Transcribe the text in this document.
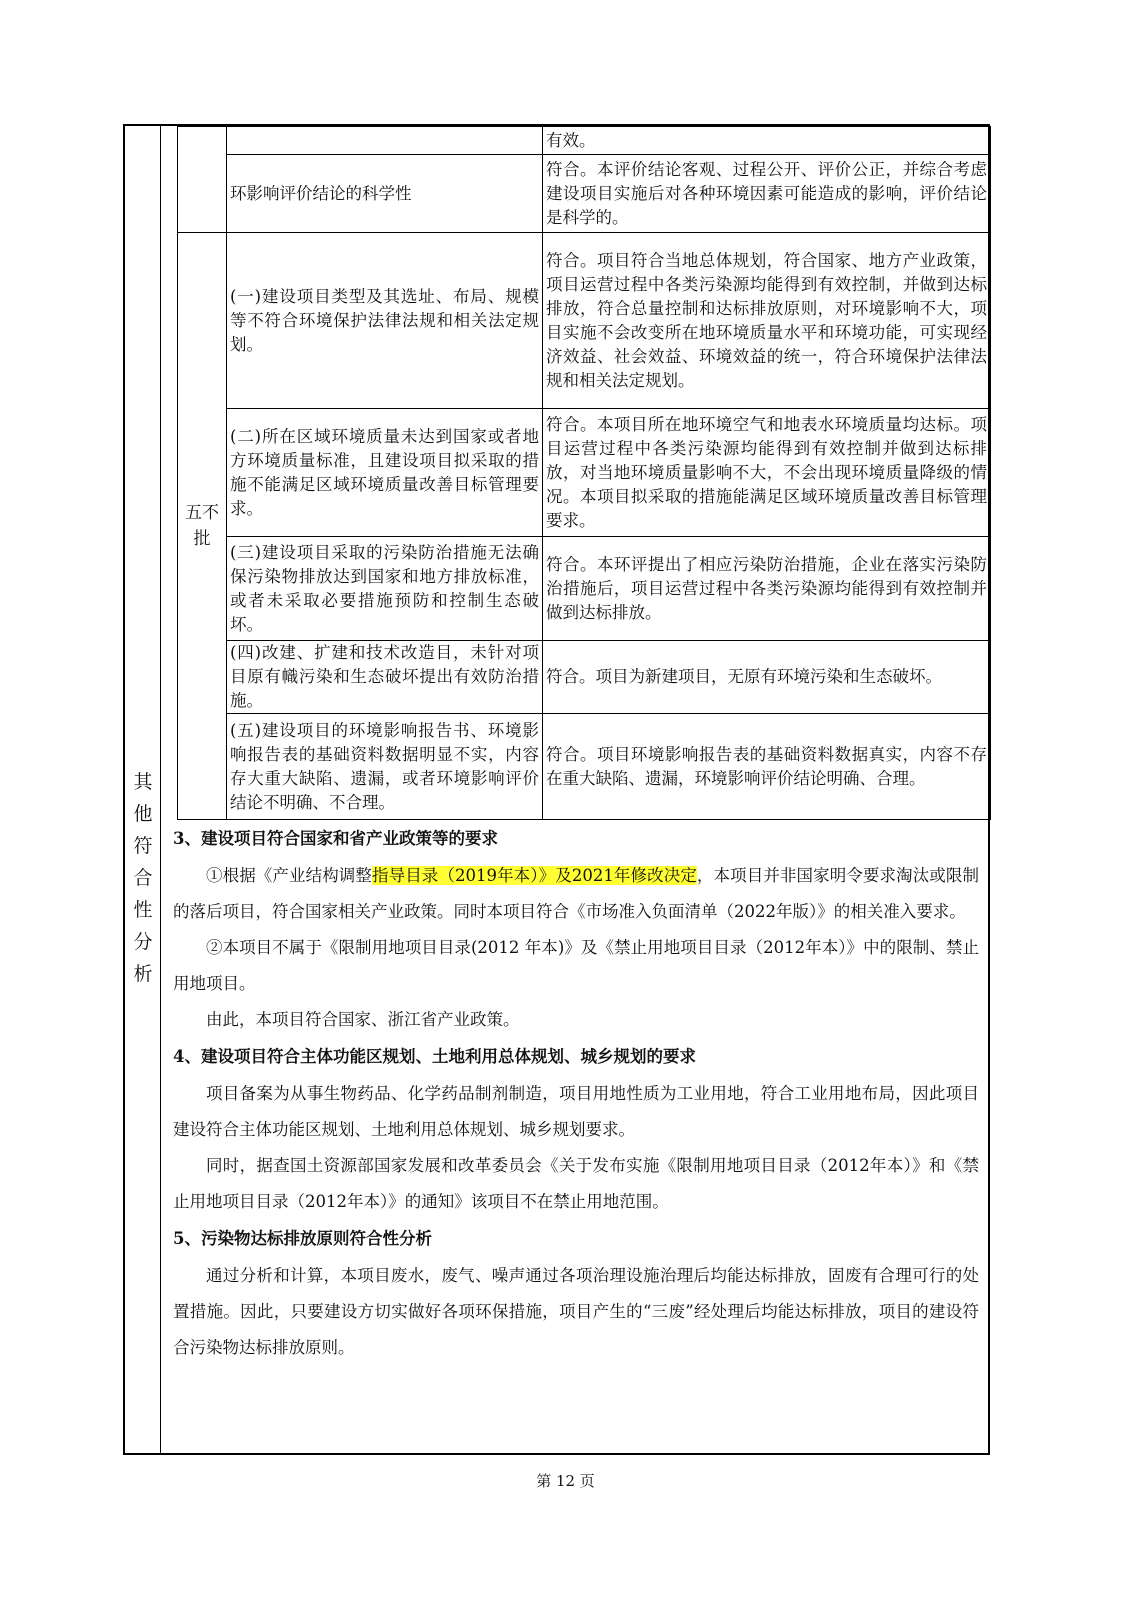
其
他
符
合
性
分
析
		有效。
	环影响评价结论的科学性	符合。本评价结论客观、过程公开、评价公正，并综合考虑建设项目实施后对各种环境因素可能造成的影响，评价结论是科学的。
五不批	(一)建设项目类型及其选址、布局、规模等不符合环境保护法律法规和相关法定规划。	符合。项目符合当地总体规划，符合国家、地方产业政策，项目运营过程中各类污染源均能得到有效控制，并做到达标排放，符合总量控制和达标排放原则，对环境影响不大，项目实施不会改变所在地环境质量水平和环境功能，可实现经济效益、社会效益、环境效益的统一，符合环境保护法律法规和相关法定规划。
	(二)所在区域环境质量未达到国家或者地方环境质量标准，且建设项目拟采取的措施不能满足区域环境质量改善目标管理要求。	符合。本项目所在地环境空气和地表水环境质量均达标。项目运营过程中各类污染源均能得到有效控制并做到达标排放，对当地环境质量影响不大，不会出现环境质量降级的情况。本项目拟采取的措施能满足区域环境质量改善目标管理要求。
	(三)建设项目采取的污染防治措施无法确保污染物排放达到国家和地方排放标准，或者未采取必要措施预防和控制生态破坏。	符合。本环评提出了相应污染防治措施，企业在落实污染防治措施后，项目运营过程中各类污染源均能得到有效控制并做到达标排放。
	(四)改建、扩建和技术改造目，未针对项目原有幟污染和生态破坏提出有效防治措施。	符合。项目为新建项目，无原有环境污染和生态破坏。
	(五)建设项目的环境影响报告书、环境影响报告表的基础资料数据明显不实，内容存大重大缺陷、遗漏，或者环境影响评价结论不明确、不合理。	符合。项目环境影响报告表的基础资料数据真实，内容不存在重大缺陷、遗漏，环境影响评价结论明确、合理。

3、建设项目符合国家和省产业政策等的要求

①根据《产业结构调整指导目录（2019年本）》及2021年修改决定，本项目并非国家明令要求淘汰或限制的落后项目，符合国家相关产业政策。同时本项目符合《市场准入负面清单（2022年版）》的相关准入要求。

②本项目不属于《限制用地项目目录(2012 年本)》及《禁止用地项目目录（2012年本）》中的限制、禁止用地项目。

由此，本项目符合国家、浙江省产业政策。

4、建设项目符合主体功能区规划、土地利用总体规划、城乡规划的要求

项目备案为从事生物药品、化学药品制剂制造，项目用地性质为工业用地，符合工业用地布局，因此项目建设符合主体功能区规划、土地利用总体规划、城乡规划要求。

同时，据查国土资源部国家发展和改革委员会《关于发布实施《限制用地项目目录（2012年本）》和《禁止用地项目目录（2012年本）》的通知》该项目不在禁止用地范围。

5、污染物达标排放原则符合性分析

通过分析和计算，本项目废水，废气、噪声通过各项治理设施治理后均能达标排放，固废有合理可行的处置措施。因此，只要建设方切实做好各项环保措施，项目产生的“三废”经处理后均能达标排放，项目的建设符合污染物达标排放原则。

第 12 页
